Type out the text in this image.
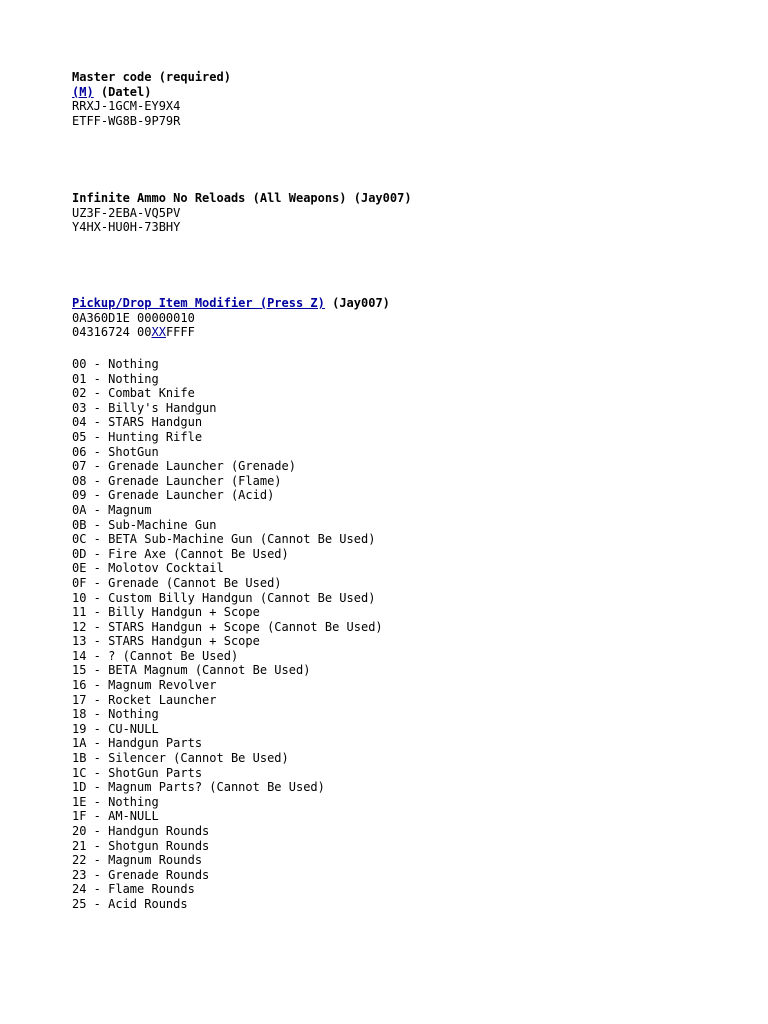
Master code (required)
(M) (Datel)
RRXJ-1GCM-EY9X4
ETFF-WG8B-9P79R
Infinite Ammo No Reloads (All Weapons) (Jay007)
UZ3F-2EBA-VQ5PV
Y4HX-HU0H-73BHY
Pickup/Drop Item Modifier (Press Z) (Jay007)
0A360D1E 00000010
04316724 00XXFFFF
00 - Nothing
01 - Nothing
02 - Combat Knife
03 - Billy's Handgun
04 - STARS Handgun
05 - Hunting Rifle
06 - ShotGun
07 - Grenade Launcher (Grenade)
08 - Grenade Launcher (Flame)
09 - Grenade Launcher (Acid)
0A - Magnum
0B - Sub-Machine Gun
0C - BETA Sub-Machine Gun (Cannot Be Used)
0D - Fire Axe (Cannot Be Used)
0E - Molotov Cocktail
0F - Grenade (Cannot Be Used)
10 - Custom Billy Handgun (Cannot Be Used)
11 - Billy Handgun + Scope
12 - STARS Handgun + Scope (Cannot Be Used)
13 - STARS Handgun + Scope
14 - ? (Cannot Be Used)
15 - BETA Magnum (Cannot Be Used)
16 - Magnum Revolver
17 - Rocket Launcher
18 - Nothing
19 - CU-NULL
1A - Handgun Parts
1B - Silencer (Cannot Be Used)
1C - ShotGun Parts
1D - Magnum Parts? (Cannot Be Used)
1E - Nothing
1F - AM-NULL
20 - Handgun Rounds
21 - Shotgun Rounds
22 - Magnum Rounds
23 - Grenade Rounds
24 - Flame Rounds
25 - Acid Rounds
